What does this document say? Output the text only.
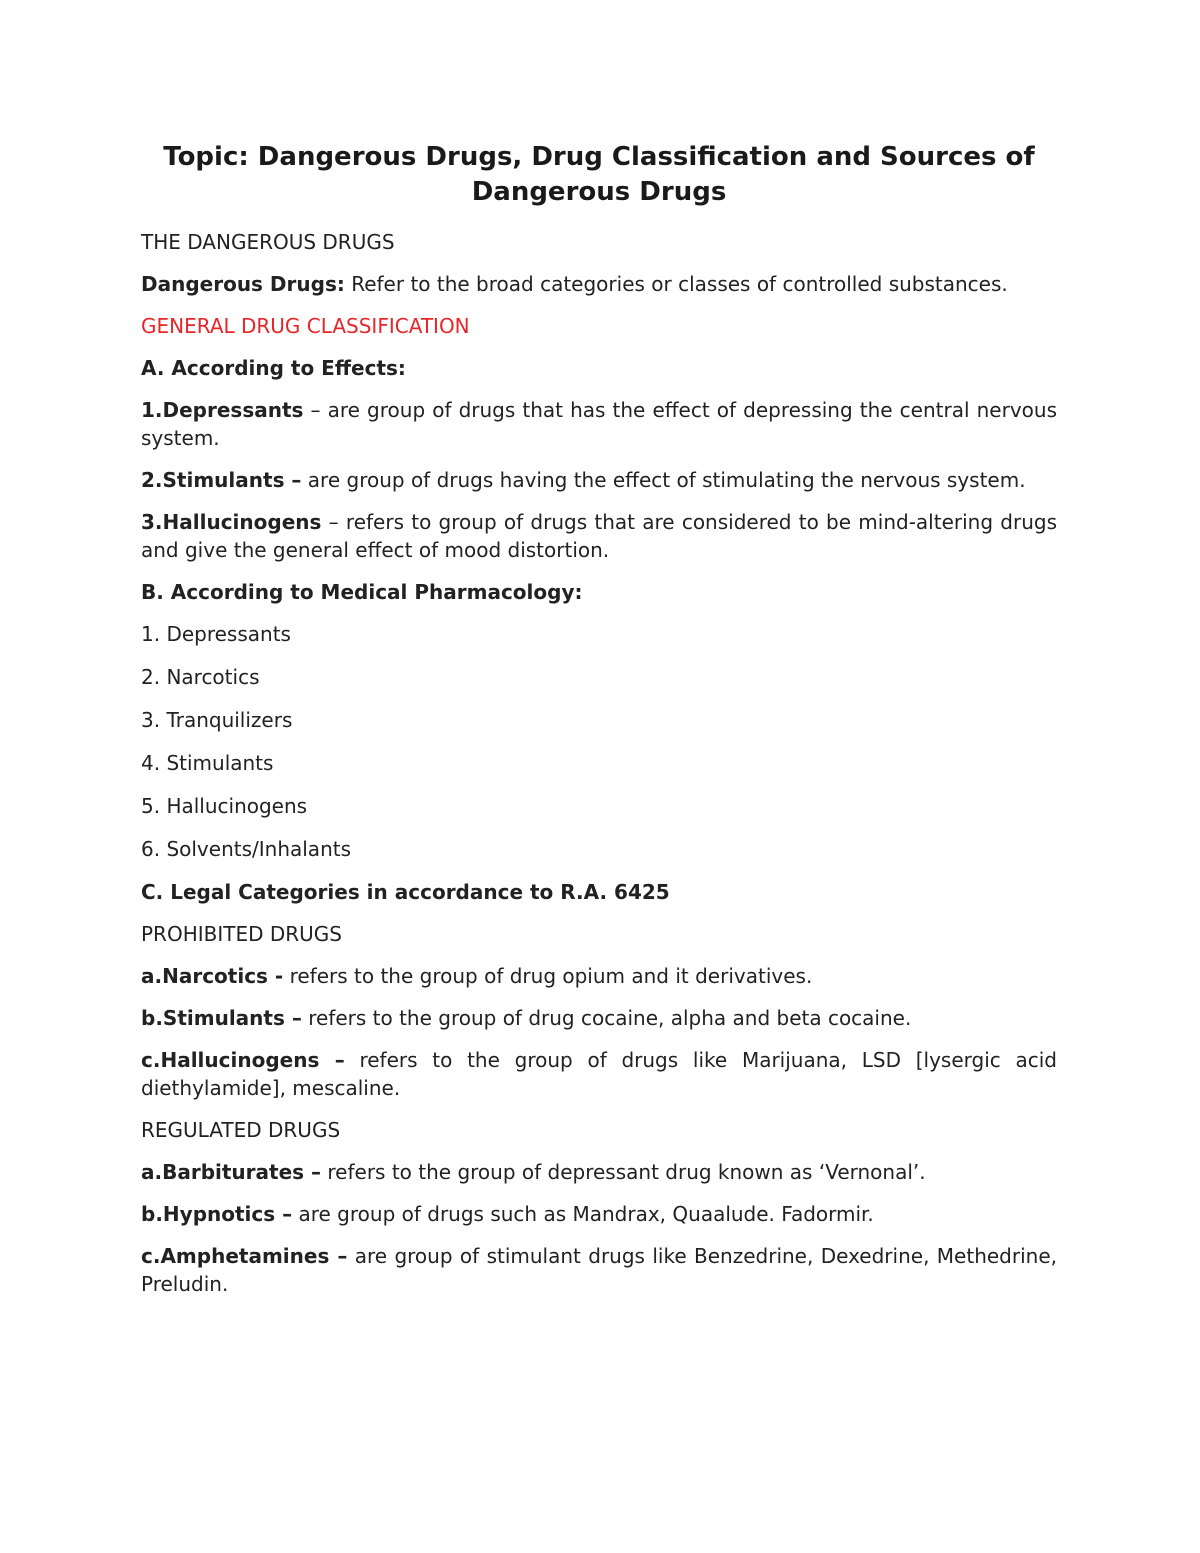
Topic: Dangerous Drugs, Drug Classification and Sources of Dangerous Drugs

THE DANGEROUS DRUGS

Dangerous Drugs: Refer to the broad categories or classes of controlled substances.

GENERAL DRUG CLASSIFICATION

A. According to Effects:

1.Depressants – are group of drugs that has the effect of depressing the central nervous system.

2.Stimulants – are group of drugs having the effect of stimulating the nervous system.

3.Hallucinogens – refers to group of drugs that are considered to be mind-altering drugs and give the general effect of mood distortion.

B. According to Medical Pharmacology:

1. Depressants

2. Narcotics

3. Tranquilizers

4. Stimulants

5. Hallucinogens

6. Solvents/Inhalants

C. Legal Categories in accordance to R.A. 6425

PROHIBITED DRUGS

a.Narcotics - refers to the group of drug opium and it derivatives.

b.Stimulants – refers to the group of drug cocaine, alpha and beta cocaine.

c.Hallucinogens – refers to the group of drugs like Marijuana, LSD [lysergic acid diethylamide], mescaline.

REGULATED DRUGS

a.Barbiturates – refers to the group of depressant drug known as ‘Vernonal’.

b.Hypnotics – are group of drugs such as Mandrax, Quaalude. Fadormir.

c.Amphetamines – are group of stimulant drugs like Benzedrine, Dexedrine, Methedrine, Preludin.
